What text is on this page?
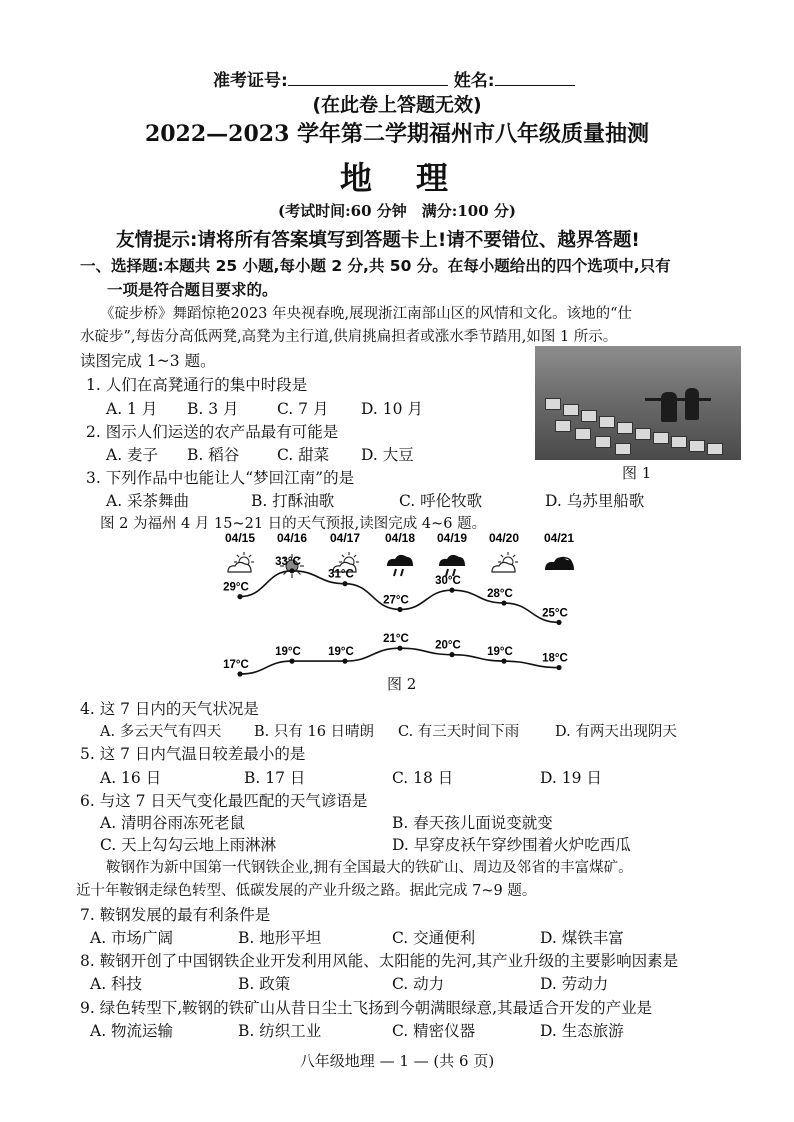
准考证号:	姓名:
(在此卷上答题无效)
2022—2023 学年第二学期福州市八年级质量抽测
地　理
(考试时间:60 分钟　满分:100 分)
友情提示:请将所有答案填写到答题卡上!请不要错位、越界答题!
一、选择题:本题共 25 小题,每小题 2 分,共 50 分。在每小题给出的四个选项中,只有
一项是符合题目要求的。
《碇步桥》舞蹈惊艳2023 年央视春晚,展现浙江南部山区的风情和文化。该地的“仕
水碇步”,每齿分高低两凳,高凳为主行道,供肩挑扁担者或涨水季节踏用,如图 1 所示。
读图完成 1~3 题。
图 1
1. 人们在高凳通行的集中时段是
A. 1 月 B. 3 月 C. 7 月 D. 10 月
2. 图示人们运送的农产品最有可能是
A. 麦子 B. 稻谷 C. 甜菜 D. 大豆
3. 下列作品中也能让人“梦回江南”的是
A. 采茶舞曲	B. 打酥油歌	C. 呼伦牧歌	D. 乌苏里船歌
图 2 为福州 4 月 15~21 日的天气预报,读图完成 4~6 题。
04/15 04/16 04/17 04/18 04/19 04/20 04/21
29°C
33°C
31°C
27°C
30°C
28°C
25°C
17°C
19°C 19°C
21°C
20°C
19°C
18°C
图 2
4. 这 7 日内的天气状况是
A. 多云天气有四天 B. 只有 16 日晴朗 C. 有三天时间下雨 D. 有两天出现阴天
5. 这 7 日内气温日较差最小的是
A. 16 日	B. 17 日	C. 18 日	D. 19 日
6. 与这 7 日天气变化最匹配的天气谚语是
A. 清明谷雨冻死老鼠	B. 春天孩儿面说变就变
C. 天上勾勾云地上雨淋淋	D. 早穿皮袄午穿纱围着火炉吃西瓜
鞍钢作为新中国第一代钢铁企业,拥有全国最大的铁矿山、周边及邻省的丰富煤矿。
近十年鞍钢走绿色转型、低碳发展的产业升级之路。据此完成 7~9 题。
7. 鞍钢发展的最有利条件是
A. 市场广阔	B. 地形平坦	C. 交通便利	D. 煤铁丰富
8. 鞍钢开创了中国钢铁企业开发利用风能、太阳能的先河,其产业升级的主要影响因素是
A. 科技	B. 政策	C. 动力	D. 劳动力
9. 绿色转型下,鞍钢的铁矿山从昔日尘土飞扬到今朝满眼绿意,其最适合开发的产业是
A. 物流运输	B. 纺织工业	C. 精密仪器	D. 生态旅游
八年级地理 — 1 — (共 6 页)
